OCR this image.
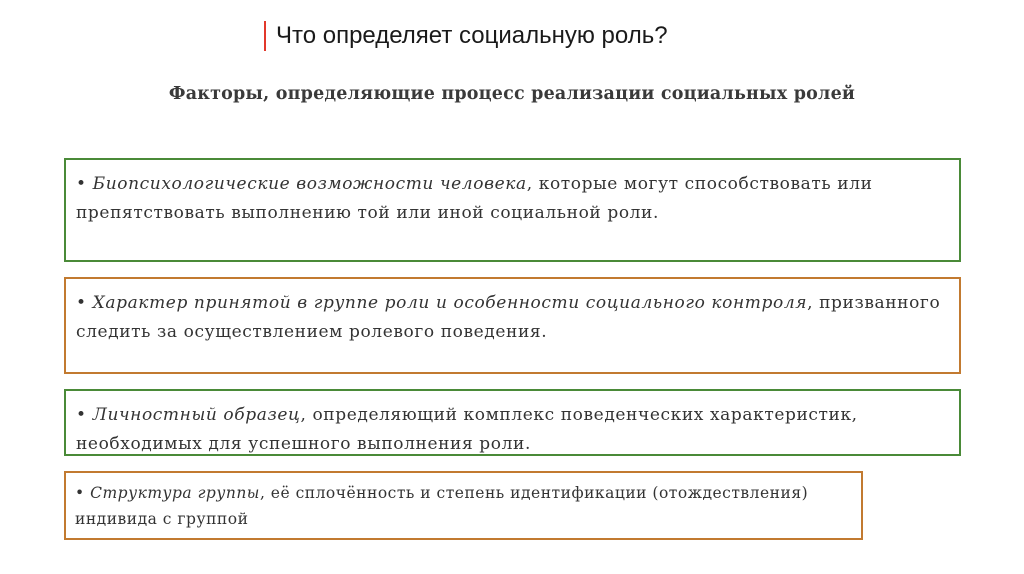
Что определяет социальную роль?
Факторы, определяющие процесс реализации социальных ролей
• Биопсихологические возможности человека, которые могут способствовать или препятствовать выполнению той или иной социальной роли.
• Характер принятой в группе роли и особенности социального контроля, призванного следить за осуществлением ролевого поведения.
• Личностный образец, определяющий комплекс поведенческих характеристик, необходимых для успешного выполнения роли.
• Структура группы, её сплочённость и степень идентификации (отождествления) индивида с группой
